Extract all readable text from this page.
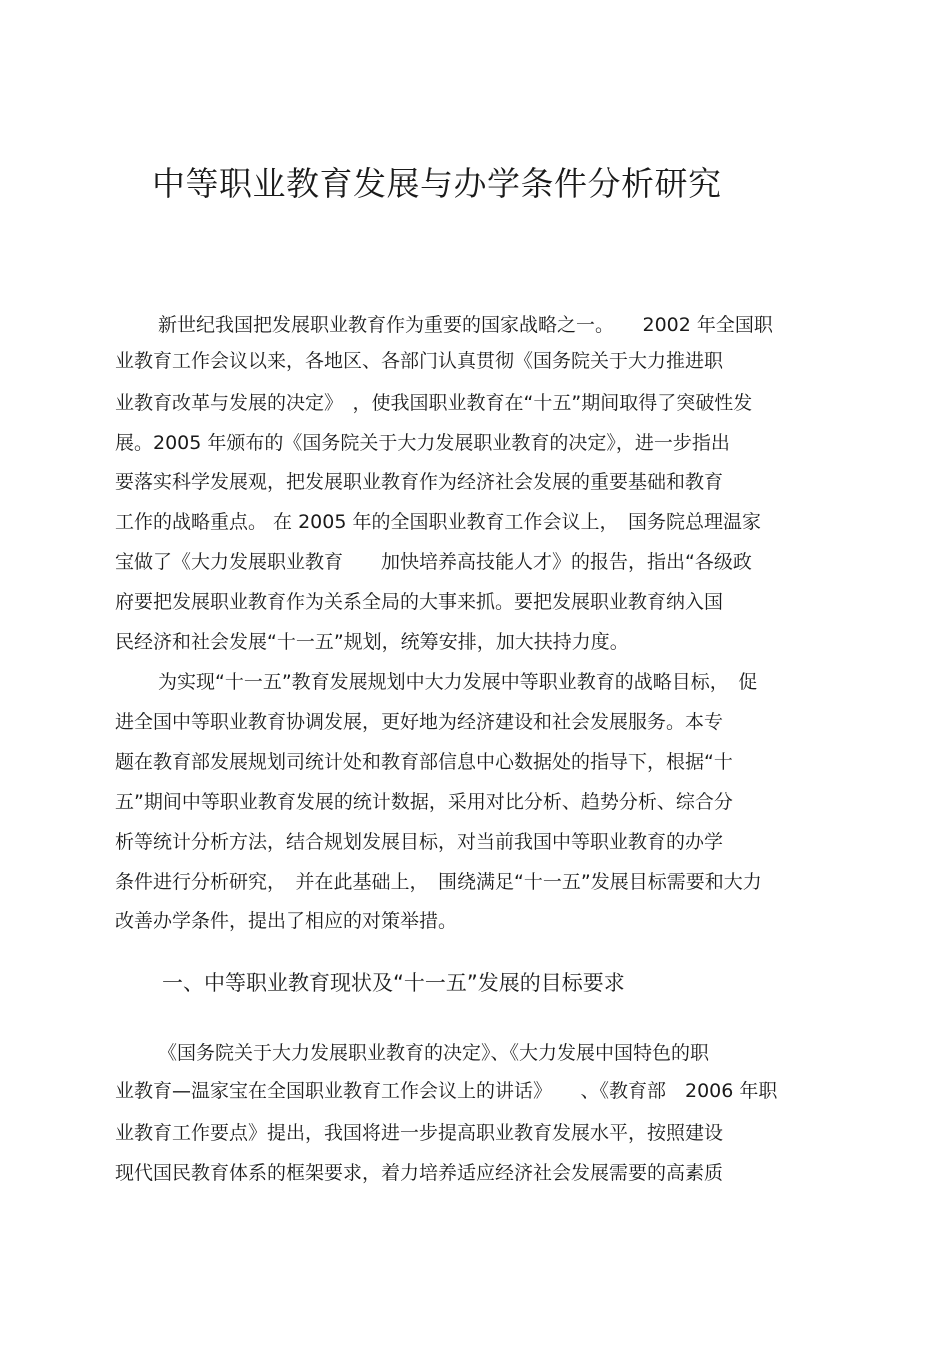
中等职业教育发展与办学条件分析研究
新世纪我国把发展职业教育作为重要的国家战略之一。　　2002 年全国职
业教育工作会议以来，各地区、各部门认真贯彻《国务院关于大力推进职
业教育改革与发展的决定》　，使我国职业教育在“十五”期间取得了突破性发
展。2005 年颁布的《国务院关于大力发展职业教育的决定》，进一步指出
要落实科学发展观，把发展职业教育作为经济社会发展的重要基础和教育
工作的战略重点。 在 2005 年的全国职业教育工作会议上，　国务院总理温家
宝做了《大力发展职业教育　　加快培养高技能人才》的报告，指出“各级政
府要把发展职业教育作为关系全局的大事来抓。要把发展职业教育纳入国
民经济和社会发展“十一五”规划，统筹安排，加大扶持力度。
为实现“十一五”教育发展规划中大力发展中等职业教育的战略目标，　促
进全国中等职业教育协调发展，更好地为经济建设和社会发展服务。本专
题在教育部发展规划司统计处和教育部信息中心数据处的指导下，根据“十
五”期间中等职业教育发展的统计数据，采用对比分析、趋势分析、综合分
析等统计分析方法，结合规划发展目标，对当前我国中等职业教育的办学
条件进行分析研究，　并在此基础上，　围绕满足“十一五”发展目标需要和大力
改善办学条件，提出了相应的对策举措。
一、中等职业教育现状及“十一五”发展的目标要求
《国务院关于大力发展职业教育的决定》、《大力发展中国特色的职
业教育—温家宝在全国职业教育工作会议上的讲话》　　、《教育部　2006 年职
业教育工作要点》提出，我国将进一步提高职业教育发展水平，按照建设
现代国民教育体系的框架要求，着力培养适应经济社会发展需要的高素质
